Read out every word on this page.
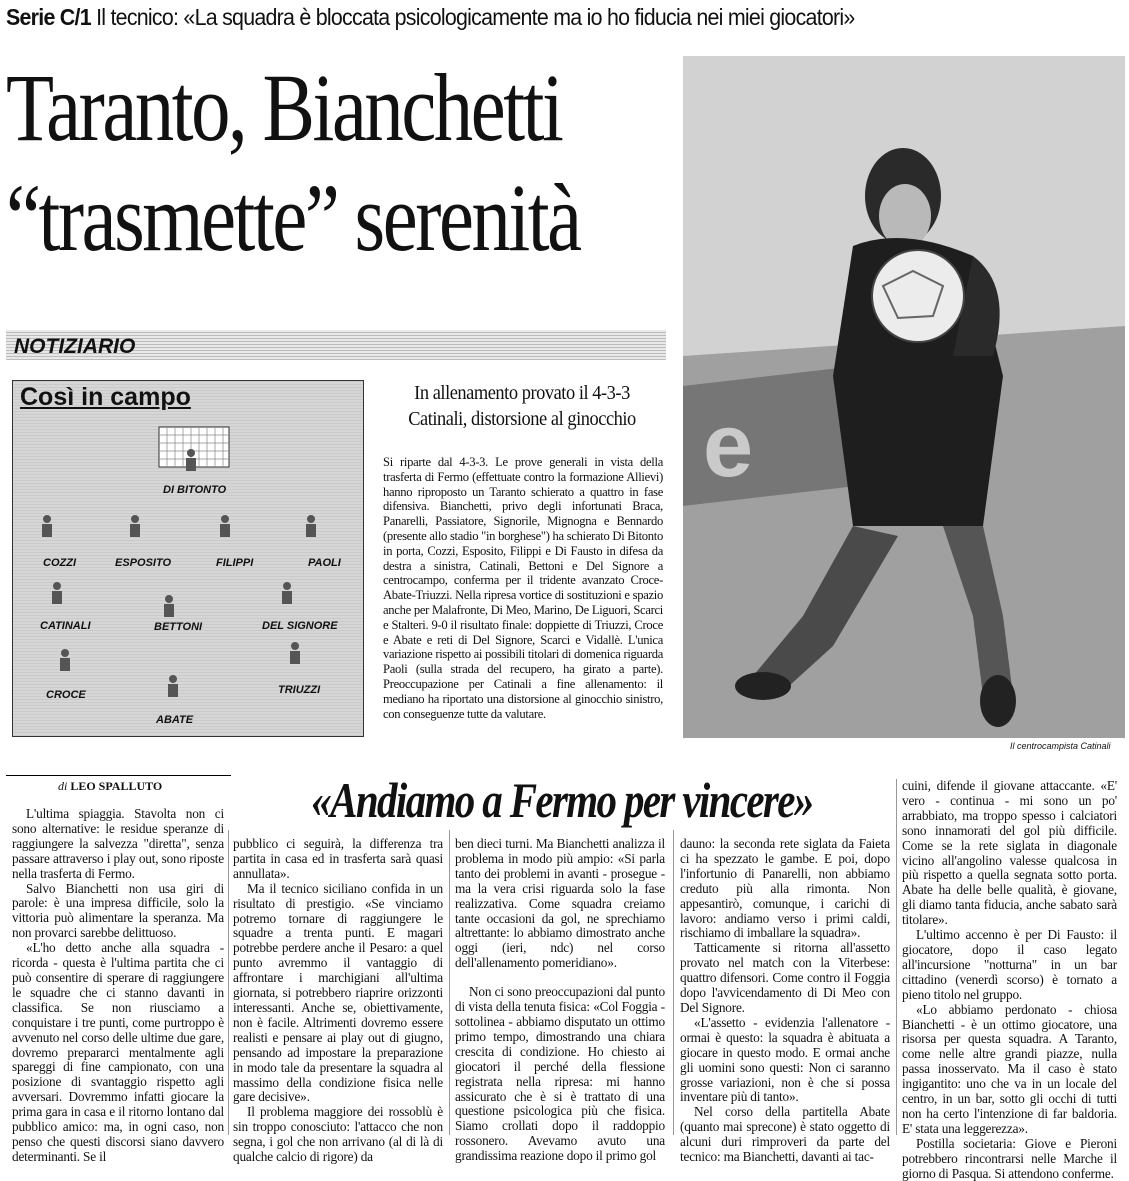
Serie C/1 Il tecnico: «La squadra è bloccata psicologicamente ma io ho fiducia nei miei giocatori»
Taranto, Bianchetti
“trasmette” serenità
NOTIZIARIO
e
Il centrocampista Catinali
Così in campo
DI BITONTO
COZZI	ESPOSITO	FILIPPI	PAOLI
CATINALI	BETTONI	DEL SIGNORE
CROCE	TRIUZZI
ABATE
In allenamento provato il 4-3-3
Catinali, distorsione al ginocchio
Si riparte dal 4-3-3. Le prove generali in vista della trasferta di Fermo (effettuate contro la formazione Allievi) hanno riproposto un Taranto schierato a quattro in fase difensiva. Bianchetti, privo degli infortunati Braca, Panarelli, Passiatore, Signorile, Mignogna e Bennardo (presente allo stadio "in borghese") ha schierato Di Bitonto in porta, Cozzi, Esposito, Filippi e Di Fausto in difesa da destra a sinistra, Catinali, Bettoni e Del Signore a centrocampo, conferma per il tridente avanzato Croce-Abate-Triuzzi. Nella ripresa vortice di sostituzioni e spazio anche per Malafronte, Di Meo, Marino, De Liguori, Scarci e Stalteri. 9-0 il risultato finale: doppiette di Triuzzi, Croce e Abate e reti di Del Signore, Scarci e Vidallè. L'unica variazione rispetto ai possibili titolari di domenica riguarda Paoli (sulla strada del recupero, ha girato a parte). Preoccupazione per Catinali a fine allenamento: il mediano ha riportato una distorsione al ginocchio sinistro, con conseguenze tutte da valutare.
di LEO SPALLUTO	«Andiamo a Fermo per vincere»

L'ultima spiaggia. Stavolta non ci sono alternative: le residue speranze di raggiungere la salvezza "diretta", senza passare attraverso i play out, sono riposte nella trasferta di Fermo.

Salvo Bianchetti non usa giri di parole: è una impresa difficile, solo la vittoria può alimentare la speranza. Ma non provarci sarebbe delittuoso.

«L'ho detto anche alla squadra - ricorda - questa è l'ultima partita che ci può consentire di sperare di raggiungere le squadre che ci stanno davanti in classifica. Se non riusciamo a conquistare i tre punti, come purtroppo è avvenuto nel corso delle ultime due gare, dovremo prepararci mentalmente agli spareggi di fine campionato, con una posizione di svantaggio rispetto agli avversari. Dovremmo infatti giocare la prima gara in casa e il ritorno lontano dal pubblico amico: ma, in ogni caso, non penso che questi discorsi siano davvero determinanti. Se il

pubblico ci seguirà, la differenza tra partita in casa ed in trasferta sarà quasi annullata».

Ma il tecnico siciliano confida in un risultato di prestigio. «Se vinciamo potremo tornare di raggiungere le squadre a trenta punti. E magari potrebbe perdere anche il Pesaro: a quel punto avremmo il vantaggio di affrontare i marchigiani all'ultima giornata, si potrebbero riaprire orizzonti interessanti. Anche se, obiettivamente, non è facile. Altrimenti dovremo essere realisti e pensare ai play out di giugno, pensando ad impostare la preparazione in modo tale da presentare la squadra al massimo della condizione fisica nelle gare decisive».

Il problema maggiore dei rossoblù è sin troppo conosciuto: l'attacco che non segna, i gol che non arrivano (al di là di qualche calcio di rigore) da

ben dieci turni. Ma Bianchetti analizza il problema in modo più ampio: «Si parla tanto dei problemi in avanti - prosegue - ma la vera crisi riguarda solo la fase realizzativa. Come squadra creiamo tante occasioni da gol, ne sprechiamo altrettante: lo abbiamo dimostrato anche oggi (ieri, ndc) nel corso dell'allenamento pomeridiano».

Non ci sono preoccupazioni dal punto di vista della tenuta fisica: «Col Foggia - sottolinea - abbiamo disputato un ottimo primo tempo, dimostrando una chiara crescita di condizione. Ho chiesto ai giocatori il perché della flessione registrata nella ripresa: mi hanno assicurato che è si è trattato di una questione psicologica più che fisica. Siamo crollati dopo il raddoppio rossonero. Avevamo avuto una grandissima reazione dopo il primo gol

dauno: la seconda rete siglata da Faieta ci ha spezzato le gambe. E poi, dopo l'infortunio di Panarelli, non abbiamo creduto più alla rimonta. Non appesantirò, comunque, i carichi di lavoro: andiamo verso i primi caldi, rischiamo di imballare la squadra».

Tatticamente si ritorna all'assetto provato nel match con la Viterbese: quattro difensori. Come contro il Foggia dopo l'avvicendamento di Di Meo con Del Signore.

«L'assetto - evidenzia l'allenatore - ormai è questo: la squadra è abituata a giocare in questo modo. E ormai anche gli uomini sono questi: Non ci saranno grosse variazioni, non è che si possa inventare più di tanto».

Nel corso della partitella Abate (quanto mai sprecone) è stato oggetto di alcuni duri rimproveri da parte del tecnico: ma Bianchetti, davanti ai tac-

cuini, difende il giovane attaccante. «E' vero - continua - mi sono un po' arrabbiato, ma troppo spesso i calciatori sono innamorati del gol più difficile. Come se la rete siglata in diagonale vicino all'angolino valesse qualcosa in più rispetto a quella segnata sotto porta. Abate ha delle belle qualità, è giovane, gli diamo tanta fiducia, anche sabato sarà titolare».

L'ultimo accenno è per Di Fausto: il giocatore, dopo il caso legato all'incursione "notturna" in un bar cittadino (venerdì scorso) è tornato a pieno titolo nel gruppo.

«Lo abbiamo perdonato - chiosa Bianchetti - è un ottimo giocatore, una risorsa per questa squadra. A Taranto, come nelle altre grandi piazze, nulla passa inosservato. Ma il caso è stato ingigantito: uno che va in un locale del centro, in un bar, sotto gli occhi di tutti non ha certo l'intenzione di far baldoria. E' stata una leggerezza».

Postilla societaria: Giove e Pieroni potrebbero rincontrarsi nelle Marche il giorno di Pasqua. Si attendono conferme.
